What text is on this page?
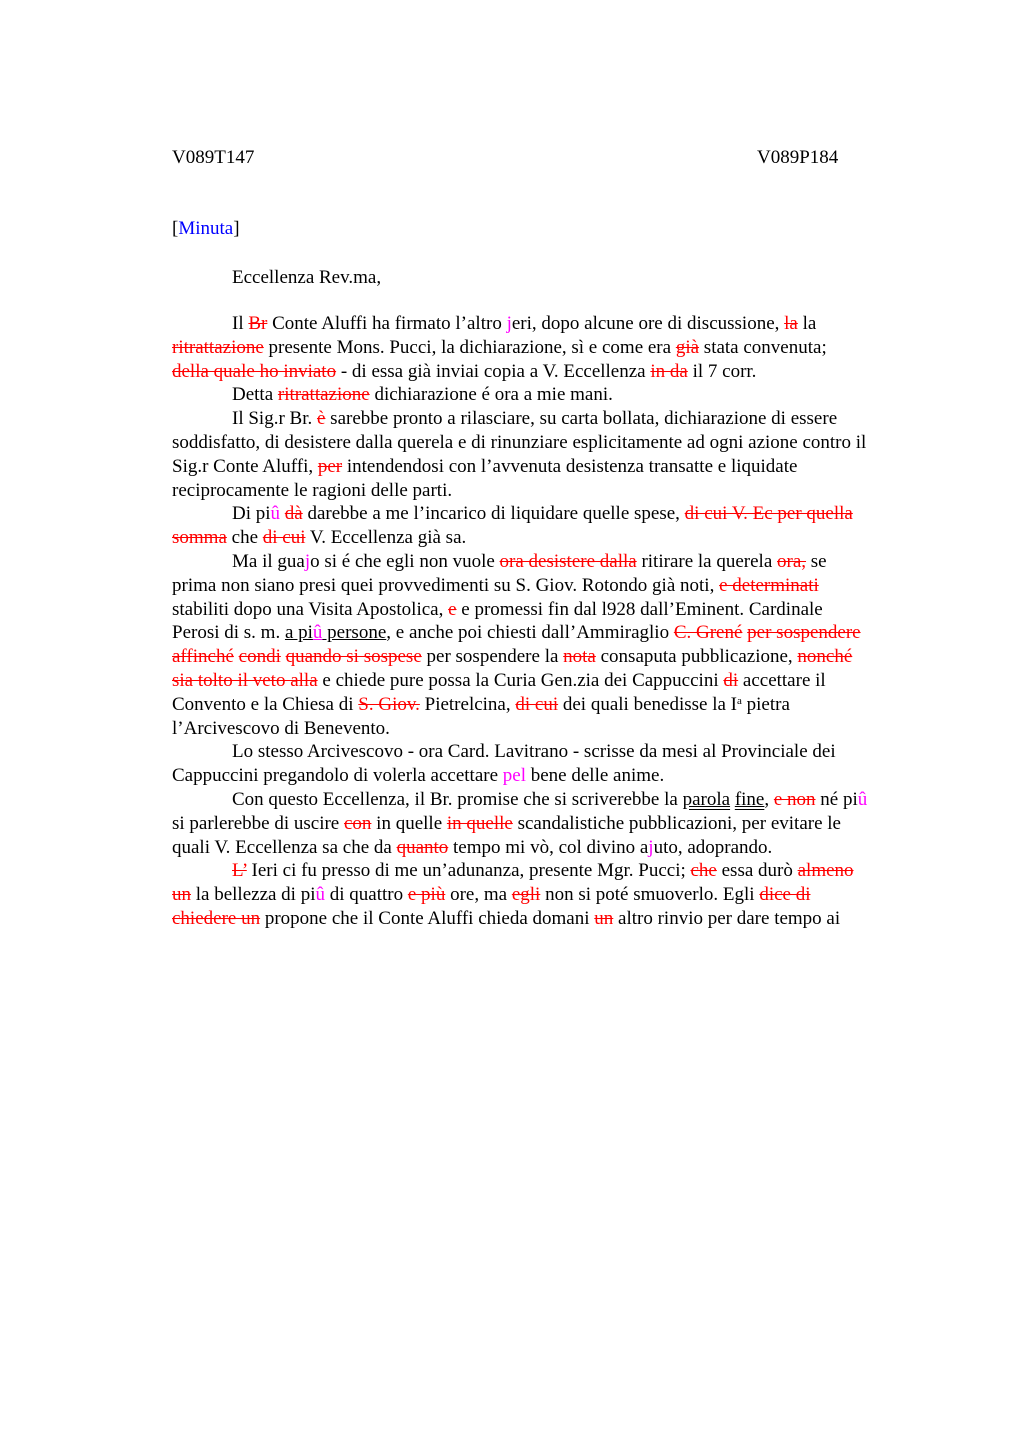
V089T147	V089P184
[Minuta]
Eccellenza Rev.ma,
Il Br Conte Aluffi ha firmato l’altro jeri, dopo alcune ore di discussione, la la
ritrattazione presente Mons. Pucci, la dichiarazione, sì e come era già stata convenuta;
della quale ho inviato - di essa già inviai copia a V. Eccellenza in da il 7 corr.
Detta ritrattazione dichiarazione é ora a mie mani.
Il Sig.r Br. è sarebbe pronto a rilasciare, su carta bollata, dichiarazione di essere
soddisfatto, di desistere dalla querela e di rinunziare esplicitamente ad ogni azione contro il
Sig.r Conte Aluffi, per intendendosi con l’avvenuta desistenza transatte e liquidate
reciprocamente le ragioni delle parti.
Di piû dà darebbe a me l’incarico di liquidare quelle spese, di cui V. Ec per quella
somma che di cui V. Eccellenza già sa.
Ma il guajo si é che egli non vuole ora desistere dalla ritirare la querela ora, se
prima non siano presi quei provvedimenti su S. Giov. Rotondo già noti, e determinati
stabiliti dopo una Visita Apostolica, e e promessi fin dal l928 dall’Eminent. Cardinale
Perosi di s. m. a piû persone, e anche poi chiesti dall’Ammiraglio C. Grené per sospendere
affinché condi quando si sospese per sospendere la nota consaputa pubblicazione, nonché
sia tolto il veto alla e chiede pure possa la Curia Gen.zia dei Cappuccini di accettare il
Convento e la Chiesa di S. Giov. Pietrelcina, di cui dei quali benedisse la $I^a$ pietra
l’Arcivescovo di Benevento.
Lo stesso Arcivescovo - ora Card. Lavitrano - scrisse da mesi al Provinciale dei
Cappuccini pregandolo di volerla accettare pel bene delle anime.
Con questo Eccellenza, il Br. promise che si scriverebbe la parola fine, e non né piû
si parlerebbe di uscire con in quelle in quelle scandalistiche pubblicazioni, per evitare le
quali V. Eccellenza sa che da quanto tempo mi vò, col divino ajuto, adoprando.
L’ Ieri ci fu presso di me un’adunanza, presente Mgr. Pucci; che essa durò almeno
un la bellezza di piû di quattro e più ore, ma egli non si poté smuoverlo. Egli dice di
chiedere un propone che il Conte Aluffi chieda domani un altro rinvio per dare tempo ai
